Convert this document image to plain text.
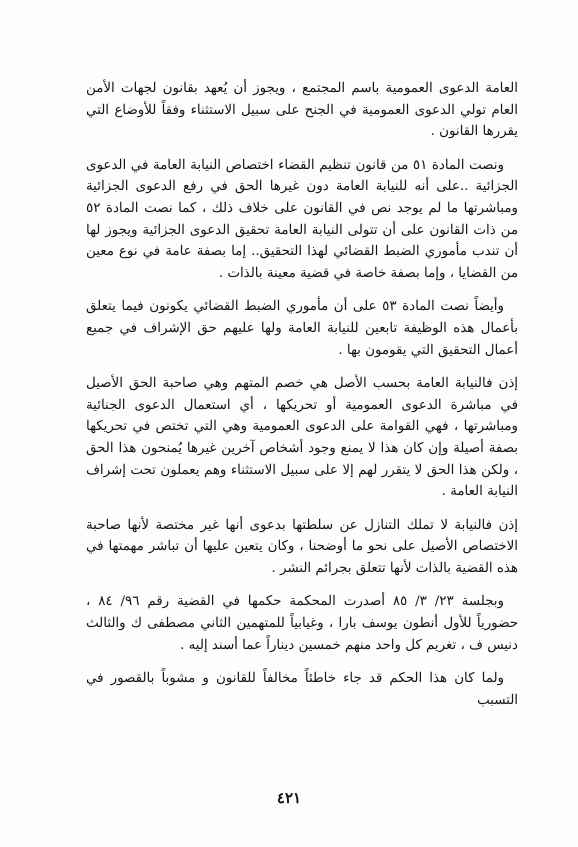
العامة الدعوى العمومية باسم المجتمع ، ويجوز أن يُعهد بقانون لجهات الأمن العام تولي الدعوى العمومية في الجنح على سبيل الاستثناء وفقاً للأوضاع التي يقررها القانون .

ونصت المادة ٥١ من قانون تنظيم القضاء اختصاص النيابة العامة في الدعوى الجزائية ..على أنه للنيابة العامة دون غيرها الحق في رفع الدعوى الجزائية ومباشرتها ما لم يوجد نص في القانون على خلاف ذلك ، كما نصت المادة ٥٢ من ذات القانون على أن تتولى النيابة العامة تحقيق الدعوى الجزائية ويجوز لها أن تندب مأموري الضبط القضائي لهذا التحقيق.. إما بصفة عامة في نوع معين من القضايا ، وإما بصفة خاصة في قضية معينة بالذات .

وأيضاً نصت المادة ٥٣ على أن مأموري الضبط القضائي يكونون فيما يتعلق بأعمال هذه الوظيفة تابعين للنيابة العامة ولها عليهم حق الإشراف في جميع أعمال التحقيق التي يقومون بها .

إذن فالنيابة العامة بحسب الأصل هي خصم المتهم وهي صاحبة الحق الأصيل في مباشرة الدعوى العمومية أو تحريكها ، أي استعمال الدعوى الجنائية ومباشرتها ، فهي القوامة على الدعوى العمومية وهي التي تختص في تحريكها بصفة أصيلة وإن كان هذا لا يمنع وجود أشخاص آخرين غيرها يُمنحون هذا الحق ، ولكن هذا الحق لا يتقرر لهم إلا على سبيل الاستثناء وهم يعملون تحت إشراف النيابة العامة .

إذن فالنيابة لا تملك التنازل عن سلطتها بدعوى أنها غير مختصة لأنها صاحبة الاختصاص الأصيل على نحو ما أوضحنا ، وكان يتعين عليها أن تباشر مهمتها في هذه القضية بالذات لأنها تتعلق بجرائم النشر .

وبجلسة ٢٣/ ٣/ ٨٥ أصدرت المحكمة حكمها في القضية رقم ٩٦/ ٨٤ ، حضورياً للأول أنطون يوسف بارا ، وغيابياً للمتهمين الثاني مصطفى ك والثالث دنيس ف ، تغريم كل واحد منهم خمسين ديناراً عما أسند إليه .

ولما كان هذا الحكم قد جاء خاطئاً مخالفاً للقانون و مشوباً بالقصور في التسبب

٤٢١
